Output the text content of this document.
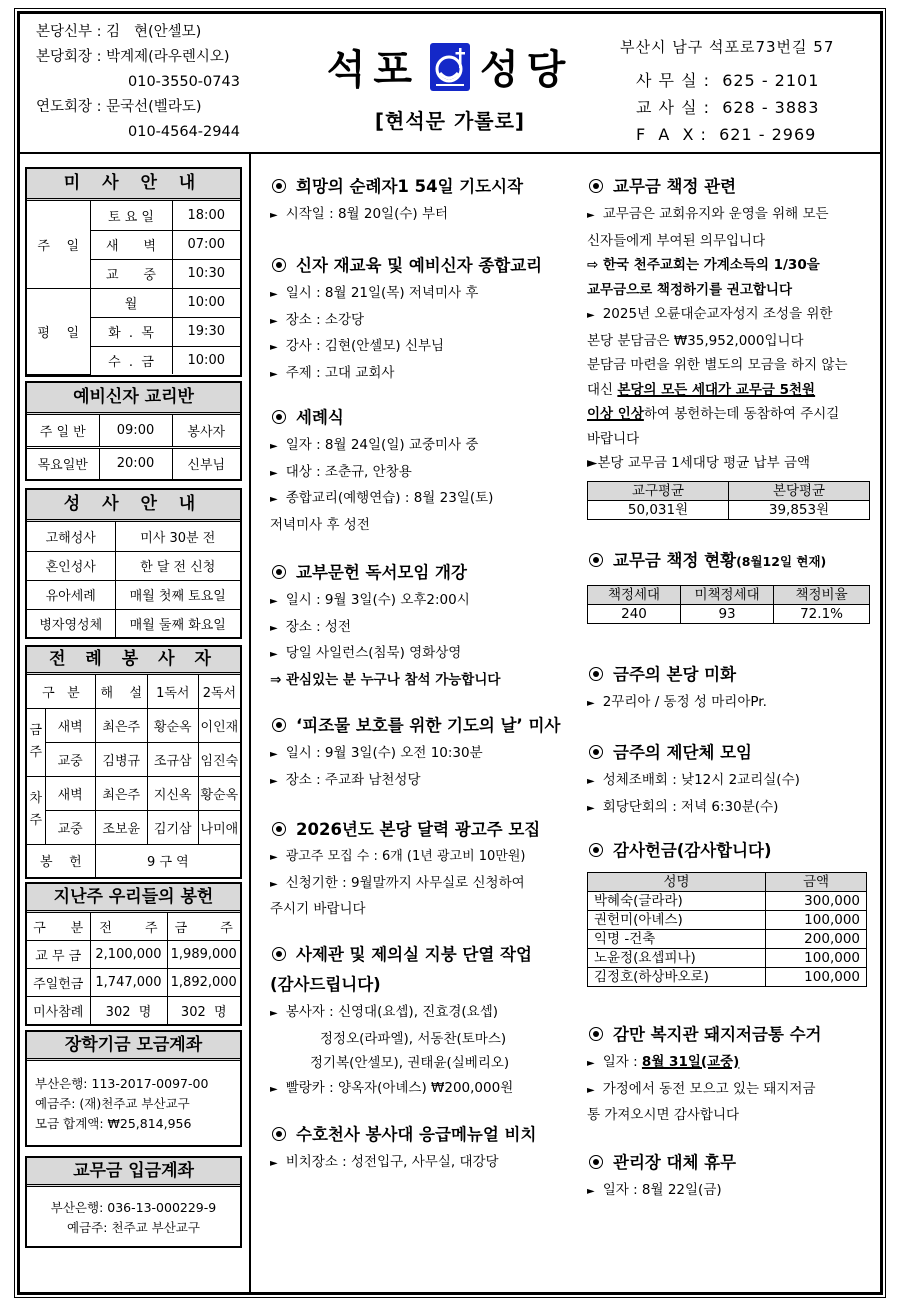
본당신부 : 김   현(안셀모)
본당회장 : 박계제(라우렌시오)
010-3550-0743
연도회장 : 문국선(벨라도)
010-4564-2944
석포 성당
[현석문 가롤로]
부산시 남구 석포로73번길 57
사 무 실 :  625 - 2101
교 사 실 :  628 - 3883
F  A  X :  621 - 2969
미 사 안 내
주    일	토 요 일	18:00
	새      벽	07:00
	교      중	10:30
평    일	월	10:00
	화  .  목	19:30
	수  .  금	10:00
예비신자 교리반
주 일 반	09:00	봉사자
목요일반	20:00	신부님
성 사 안 내
고해성사	미사 30분 전
혼인성사	한 달 전 신청
유아세례	매월 첫째 토요일
병자영성체	매월 둘째 화요일
전 례 봉 사 자
구   분		해    설	1독서	2독서
금주	새벽	최은주	황순옥	이인재
	교중	김병규	조규삼	임진숙
차주	새벽	최은주	지신옥	황순옥
	교중	조보윤	김기삼	나미애
봉    헌		9 구 역		
지난주 우리들의 봉헌
구      분	전        주	금        주
교 무 금	2,100,000	1,989,000
주일헌금	1,747,000	1,892,000
미사참례	302  명	302  명
장학기금 모금계좌
부산은행: 113-2017-0097-00
예금주: (재)천주교 부산교구
모금 합계액: ₩25,814,956
교무금 입금계좌
부산은행: 036-13-000229-9
예금주: 천주교 부산교구
희망의 순례자1 54일 기도시작
► 시작일 : 8월 20일(수) 부터
신자 재교육 및 예비신자 종합교리
► 일시 : 8월 21일(목) 저녁미사 후
► 장소 : 소강당
► 강사 : 김현(안셀모) 신부님
► 주제 : 고대 교회사
세례식
► 일자 : 8월 24일(일) 교중미사 중
► 대상 : 조춘규, 안창용
► 종합교리(예행연습) : 8월 23일(토)
저녁미사 후 성전
교부문헌 독서모임 개강
► 일시 : 9월 3일(수) 오후2:00시
► 장소 : 성전
► 당일 사일런스(침묵) 영화상영
⇒ 관심있는 분 누구나 참석 가능합니다
‘피조물 보호를 위한 기도의 날’ 미사
► 일시 : 9월 3일(수) 오전 10:30분
► 장소 : 주교좌 남천성당
2026년도 본당 달력 광고주 모집
► 광고주 모집 수 : 6개 (1년 광고비 10만원)
► 신청기한 : 9월말까지 사무실로 신청하여
주시기 바랍니다
사제관 및 제의실 지붕 단열 작업
(감사드립니다)
► 봉사자 : 신영대(요셉), 진효경(요셉)
정정오(라파엘), 서동찬(토마스)
정기복(안셀모), 권태윤(실베리오)
► 빨랑카 : 양옥자(아녜스) ₩200,000원
수호천사 봉사대 응급메뉴얼 비치
► 비치장소 : 성전입구, 사무실, 대강당
교무금 책정 관련
► 교무금은 교회유지와 운영을 위해 모든
신자들에게 부여된 의무입니다
⇨ 한국 천주교회는 가계소득의 1/30을
교무금으로 책정하기를 권고합니다
► 2025년 오륜대순교자성지 조성을 위한
본당 분담금은 ₩35,952,000입니다
분담금 마련을 위한 별도의 모금을 하지 않는
대신 본당의 모든 세대가 교무금 5천원
이상 인상하여 봉헌하는데 동참하여 주시길
바랍니다
►본당 교무금 1세대당 평균 납부 금액
교구평균	본당평균
50,031원	39,853원
교무금 책정 현황(8월12일 현재)
책정세대	미책정세대	책정비율
240	93	72.1%
금주의 본당 미화
► 2꾸리아 / 동정 성 마리아Pr.
금주의 제단체 모임
► 성체조배회 : 낮12시 2교리실(수)
► 회당단회의 : 저녁 6:30분(수)
감사헌금(감사합니다)
성명	금액
박혜숙(글라라)	300,000
권헌미(아녜스)	100,000
익명 -건축	200,000
노윤정(요셉피나)	100,000
김정호(하상바오로)	100,000
감만 복지관 돼지저금통 수거
► 일자 : 8월 31일(교중)
► 가정에서 동전 모으고 있는 돼지저금
통 가져오시면 감사합니다
관리장 대체 휴무
► 일자 : 8월 22일(금)
